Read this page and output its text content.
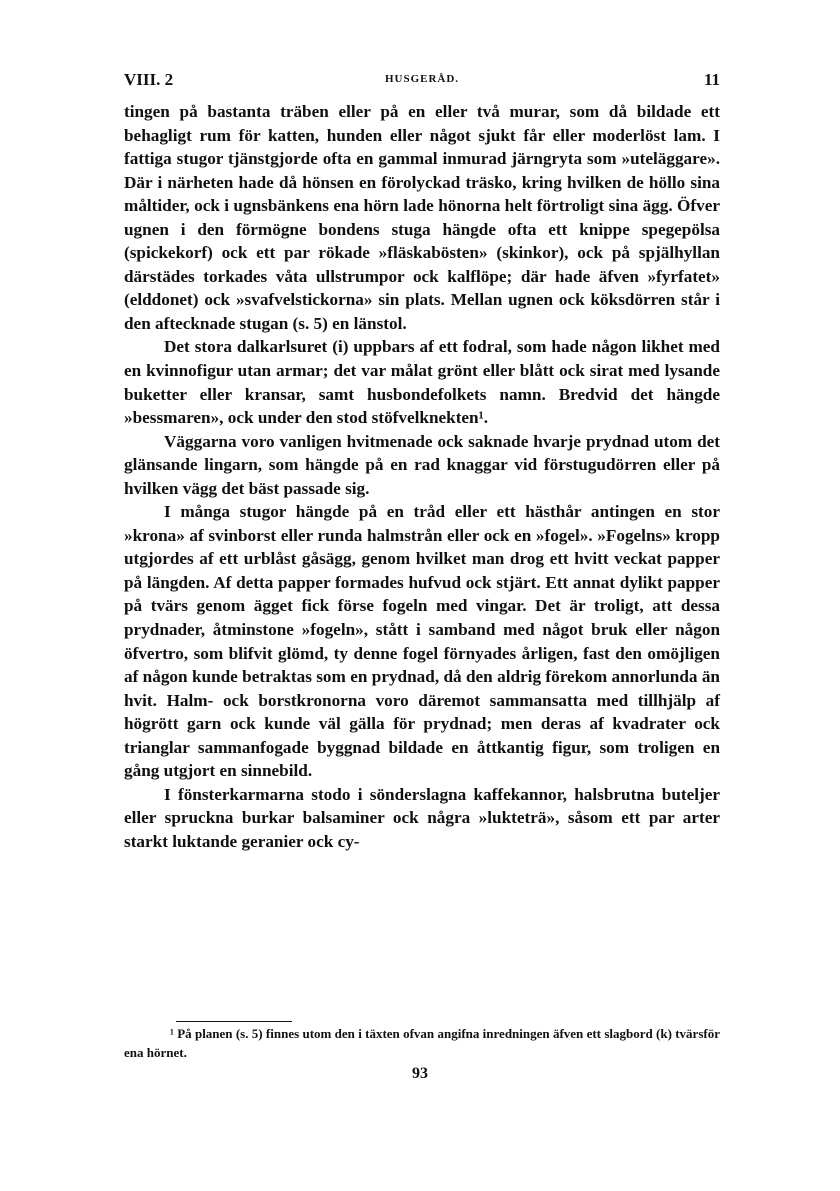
VIII. 2	HUSGERÅD.	11

tingen på bastanta träben eller på en eller två murar, som då bildade ett behagligt rum för katten, hunden eller något sjukt får eller moderlöst lam. I fattiga stugor tjänstgjorde ofta en gammal inmurad järngryta som »uteläggare». Där i närheten hade då hönsen en förolyckad träsko, kring hvilken de höllo sina måltider, ock i ugnsbänkens ena hörn lade hönorna helt förtroligt sina ägg. Öfver ugnen i den förmögne bondens stuga hängde ofta ett knippe spegepölsa (spickekorf) ock ett par rökade »fläskabösten» (skinkor), ock på spjälhyllan därstädes torkades våta ullstrumpor ock kalflöpe; där hade äfven »fyrfatet» (elddonet) ock »svafvelstickorna» sin plats. Mellan ugnen ock köksdörren står i den aftecknade stugan (s. 5) en länstol.

Det stora dalkarlsuret (i) uppbars af ett fodral, som hade någon likhet med en kvinnofigur utan armar; det var målat grönt eller blått ock sirat med lysande buketter eller kransar, samt husbondefolkets namn. Bredvid det hängde »bessmaren», ock under den stod stöfvelknekten¹.

Väggarna voro vanligen hvitmenade ock saknade hvarje prydnad utom det glänsande lingarn, som hängde på en rad knaggar vid förstugudörren eller på hvilken vägg det bäst passade sig.

I många stugor hängde på en tråd eller ett hästhår antingen en stor »krona» af svinborst eller runda halmstrån eller ock en »fogel». »Fogelns» kropp utgjordes af ett urblåst gåsägg, genom hvilket man drog ett hvitt veckat papper på längden. Af detta papper formades hufvud ock stjärt. Ett annat dylikt papper på tvärs genom ägget fick förse fogeln med vingar. Det är troligt, att dessa prydnader, åtminstone »fogeln», stått i samband med något bruk eller någon öfvertro, som blifvit glömd, ty denne fogel förnyades årligen, fast den omöjligen af någon kunde betraktas som en prydnad, då den aldrig förekom annorlunda än hvit. Halm- ock borstkronorna voro däremot sammansatta med tillhjälp af högrött garn ock kunde väl gälla för prydnad; men deras af kvadrater ock trianglar sammanfogade byggnad bildade en åttkantig figur, som troligen en gång utgjort en sinnebild.

I fönsterkarmarna stodo i sönderslagna kaffekannor, halsbrutna buteljer eller spruckna burkar balsaminer ock några »lukteträ», såsom ett par arter starkt luktande geranier ock cy-

¹ På planen (s. 5) finnes utom den i täxten ofvan angifna inredningen äfven ett slagbord (k) tvärsför ena hörnet.
93
